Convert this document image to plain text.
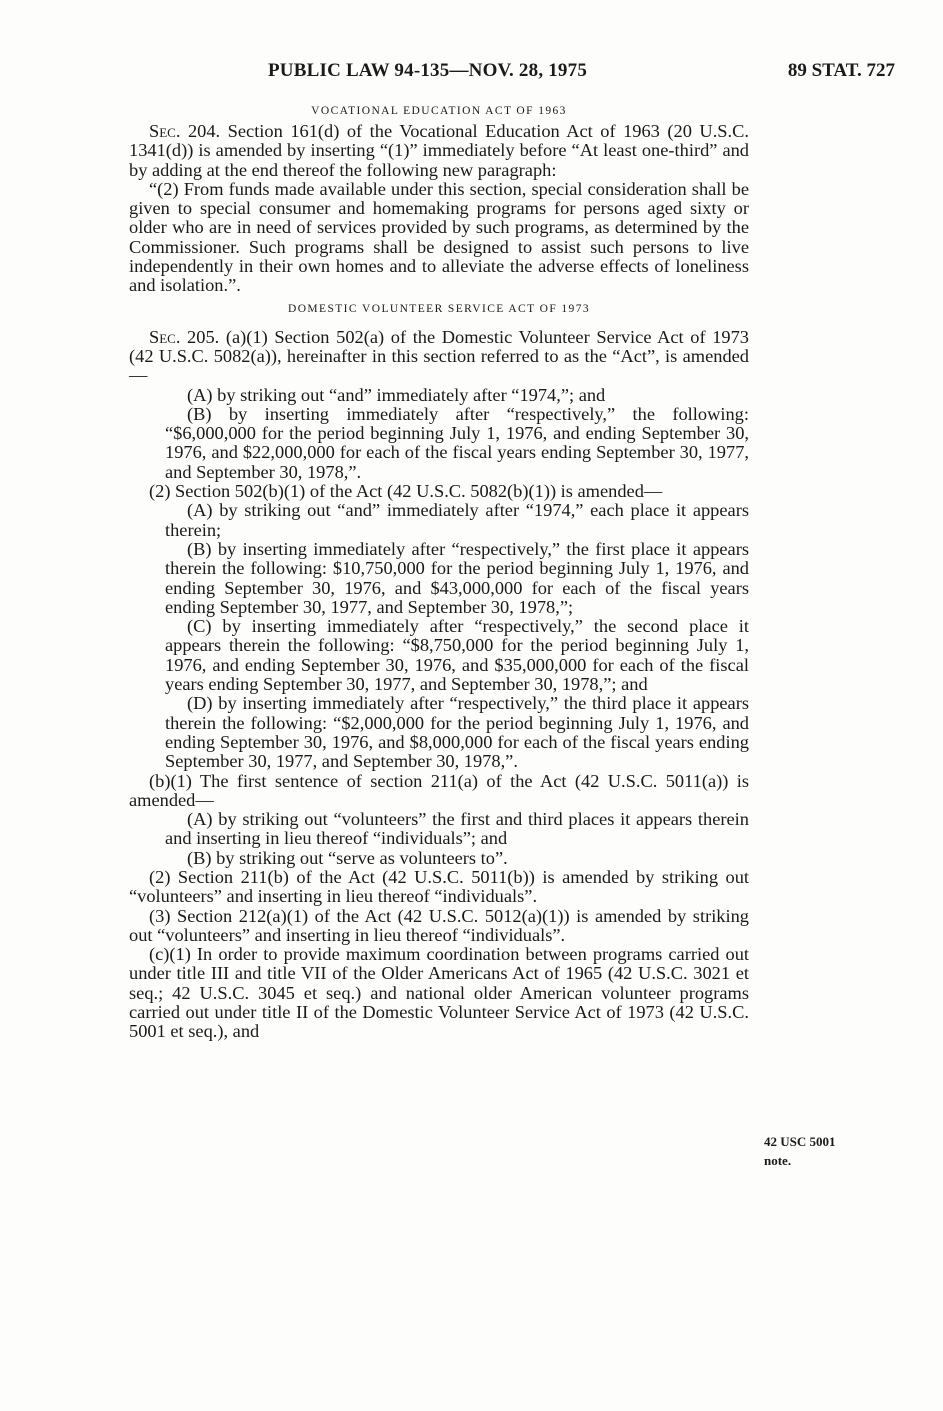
PUBLIC LAW 94-135—NOV. 28, 1975	89 STAT. 727
VOCATIONAL EDUCATION ACT OF 1963

Sec. 204. Section 161(d) of the Vocational Education Act of 1963 (20 U.S.C. 1341(d)) is amended by inserting “(1)” immediately before “At least one-third” and by adding at the end thereof the following new paragraph:

“(2) From funds made available under this section, special consideration shall be given to special consumer and homemaking programs for persons aged sixty or older who are in need of services provided by such programs, as determined by the Commissioner. Such programs shall be designed to assist such persons to live independently in their own homes and to alleviate the adverse effects of loneliness and isolation.”.

DOMESTIC VOLUNTEER SERVICE ACT OF 1973

Sec. 205. (a)(1) Section 502(a) of the Domestic Volunteer Service Act of 1973 (42 U.S.C. 5082(a)), hereinafter in this section referred to as the “Act”, is amended—

(A) by striking out “and” immediately after “1974,”; and

(B) by inserting immediately after “respectively,” the following: “$6,000,000 for the period beginning July 1, 1976, and ending September 30, 1976, and $22,000,000 for each of the fiscal years ending September 30, 1977, and September 30, 1978,”.

(2) Section 502(b)(1) of the Act (42 U.S.C. 5082(b)(1)) is amended—

(A) by striking out “and” immediately after “1974,” each place it appears therein;

(B) by inserting immediately after “respectively,” the first place it appears therein the following: $10,750,000 for the period beginning July 1, 1976, and ending September 30, 1976, and $43,000,000 for each of the fiscal years ending September 30, 1977, and September 30, 1978,”;

(C) by inserting immediately after “respectively,” the second place it appears therein the following: “$8,750,000 for the period beginning July 1, 1976, and ending September 30, 1976, and $35,000,000 for each of the fiscal years ending September 30, 1977, and September 30, 1978,”; and

(D) by inserting immediately after “respectively,” the third place it appears therein the following: “$2,000,000 for the period beginning July 1, 1976, and ending September 30, 1976, and $8,000,000 for each of the fiscal years ending September 30, 1977, and September 30, 1978,”.

(b)(1) The first sentence of section 211(a) of the Act (42 U.S.C. 5011(a)) is amended—

(A) by striking out “volunteers” the first and third places it appears therein and inserting in lieu thereof “individuals”; and

(B) by striking out “serve as volunteers to”.

(2) Section 211(b) of the Act (42 U.S.C. 5011(b)) is amended by striking out “volunteers” and inserting in lieu thereof “individuals”.

(3) Section 212(a)(1) of the Act (42 U.S.C. 5012(a)(1)) is amended by striking out “volunteers” and inserting in lieu thereof “individuals”.

(c)(1) In order to provide maximum coordination between programs carried out under title III and title VII of the Older Americans Act of 1965 (42 U.S.C. 3021 et seq.; 42 U.S.C. 3045 et seq.) and national older American volunteer programs carried out under title II of the Domestic Volunteer Service Act of 1973 (42 U.S.C. 5001 et seq.), and

42 USC 5001
note.
